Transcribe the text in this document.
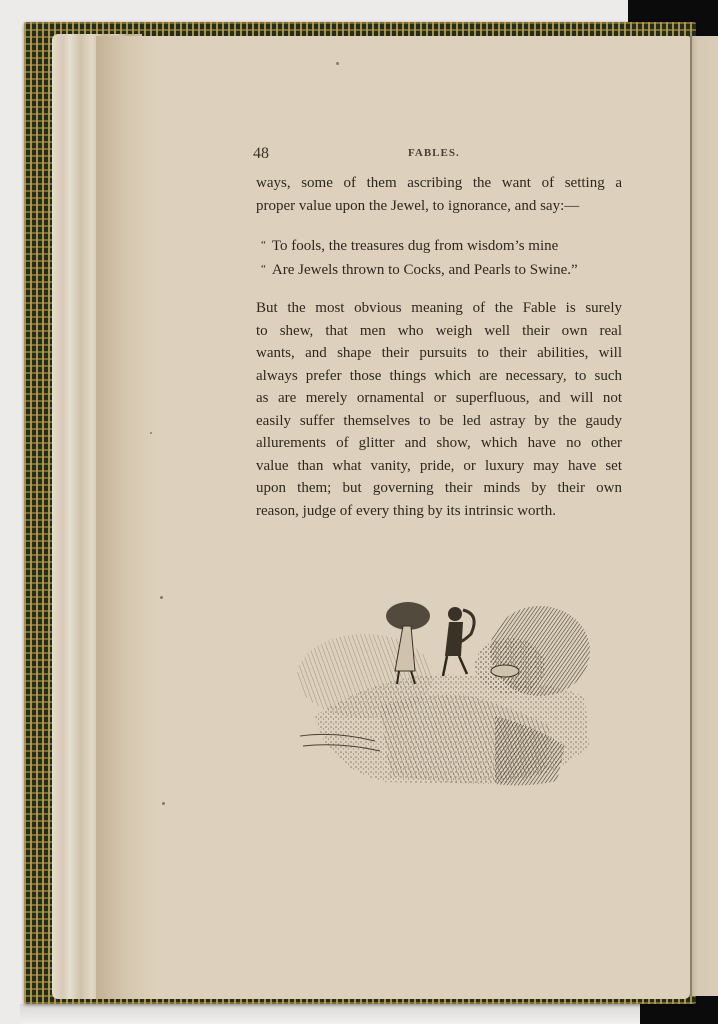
48	FABLES.
ways, some of them ascribing the want of setting a
proper value upon the Jewel, to ignorance, and say:—
“ To fools, the treasures dug from wisdom’s mine
“ Are Jewels thrown to Cocks, and Pearls to Swine.”
But the most obvious meaning of the Fable is surely
to shew, that men who weigh well their own real
wants, and shape their pursuits to their abilities, will
always prefer those things which are necessary, to such
as are merely ornamental or superfluous, and will not
easily suffer themselves to be led astray by the gaudy
allurements of glitter and show, which have no other
value than what vanity, pride, or luxury may have set
upon them; but governing their minds by their own
reason, judge of every thing by its intrinsic worth.
